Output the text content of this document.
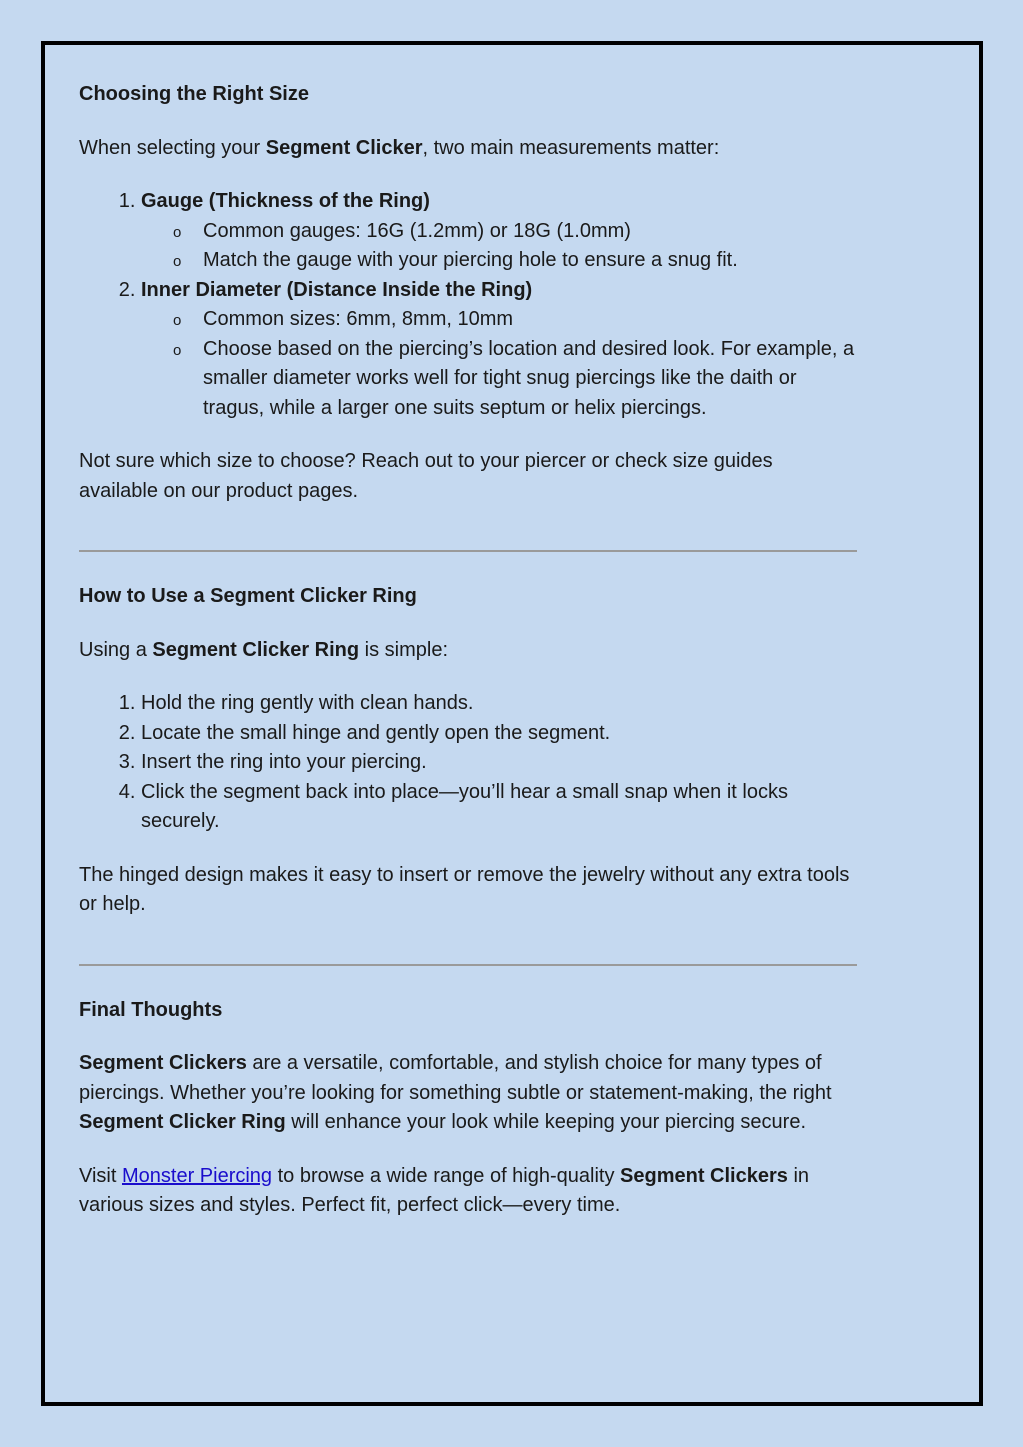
Choosing the Right Size

When selecting your Segment Clicker, two main measurements matter:

1. Gauge (Thickness of the Ring)
o Common gauges: 16G (1.2mm) or 18G (1.0mm)
o Match the gauge with your piercing hole to ensure a snug fit.
2. Inner Diameter (Distance Inside the Ring)
o Common sizes: 6mm, 8mm, 10mm
o Choose based on the piercing’s location and desired look. For example, a smaller diameter works well for tight snug piercings like the daith or tragus, while a larger one suits septum or helix piercings.

Not sure which size to choose? Reach out to your piercer or check size guides available on our product pages.

How to Use a Segment Clicker Ring

Using a Segment Clicker Ring is simple:

1. Hold the ring gently with clean hands.
2. Locate the small hinge and gently open the segment.
3. Insert the ring into your piercing.
4. Click the segment back into place—you’ll hear a small snap when it locks securely.

The hinged design makes it easy to insert or remove the jewelry without any extra tools or help.

Final Thoughts

Segment Clickers are a versatile, comfortable, and stylish choice for many types of piercings. Whether you’re looking for something subtle or statement-making, the right Segment Clicker Ring will enhance your look while keeping your piercing secure.

Visit Monster Piercing to browse a wide range of high-quality Segment Clickers in various sizes and styles. Perfect fit, perfect click—every time.
